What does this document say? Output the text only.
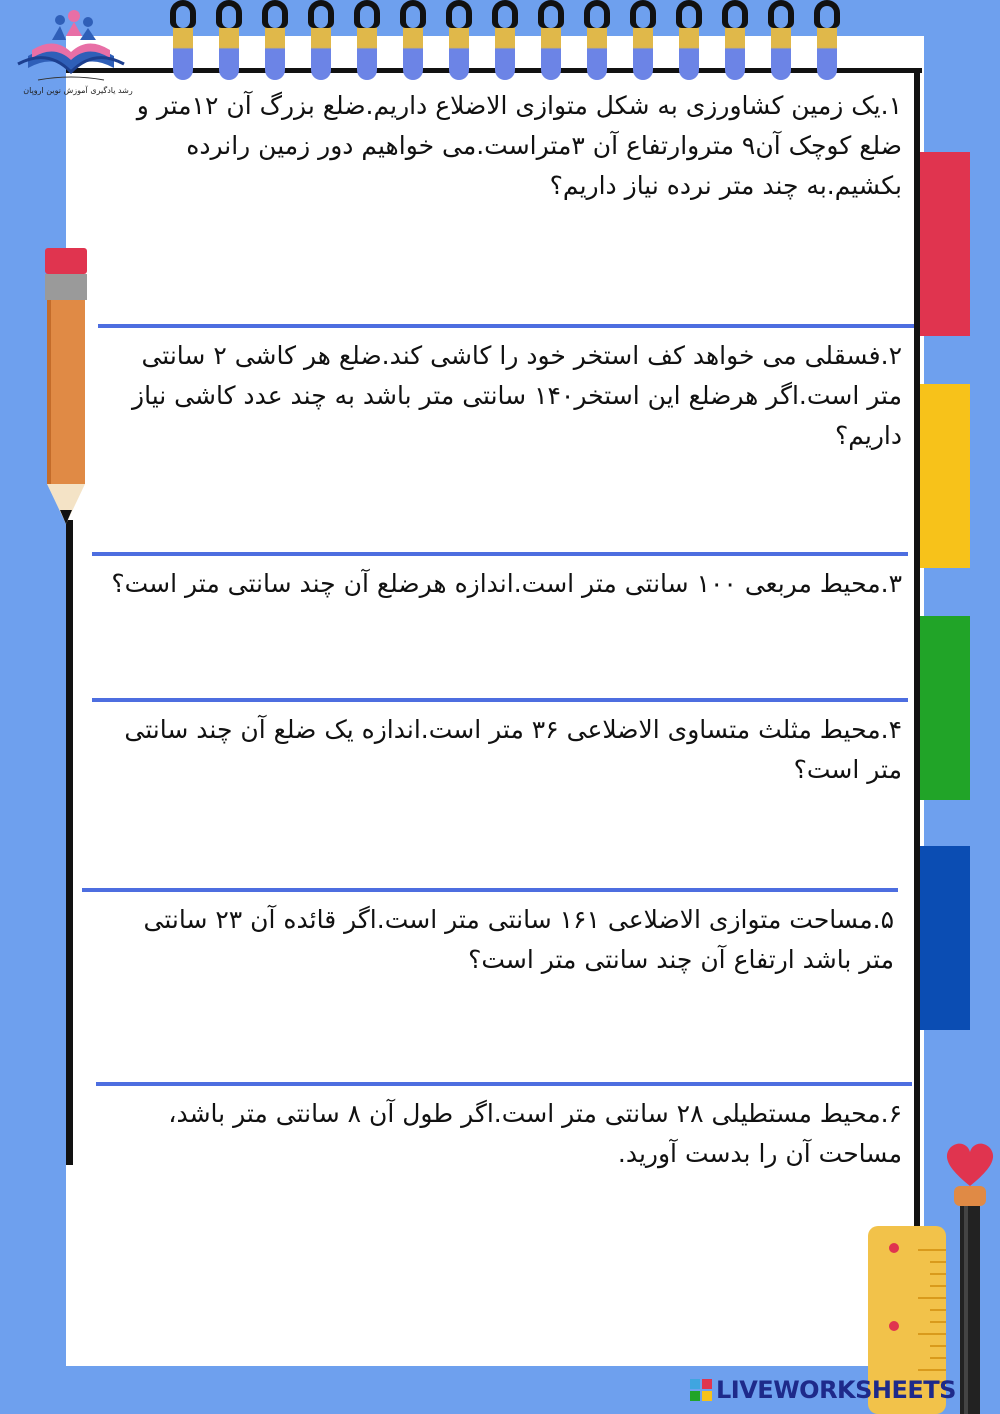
رشد یادگیری آموزش نوین اروپان

۱.یک زمین کشاورزی به شکل متوازی الاضلاع داریم.ضلع بزرگ آن ۱۲متر و ضلع کوچک آن۹ متروارتفاع آن ۳متراست.می خواهیم دور زمین رانرده بکشیم.به چند متر نرده نیاز داریم؟

۲.فسقلی می خواهد کف استخر خود را کاشی کند.ضلع هر کاشی ۲ سانتی متر است.اگر هرضلع این استخر۱۴۰ سانتی متر باشد به چند عدد کاشی نیاز داریم؟

۳.محیط مربعی ۱۰۰ سانتی متر است.اندازه هرضلع آن چند سانتی متر است؟

۴.محیط مثلث متساوی الاضلاعی ۳۶ متر است.اندازه یک ضلع آن چند سانتی متر است؟

۵.مساحت متوازی الاضلاعی ۱۶۱ سانتی متر است.اگر قائده آن ۲۳ سانتی متر باشد ارتفاع آن چند سانتی متر است؟

۶.محیط مستطیلی ۲۸ سانتی متر است.اگر طول آن ۸ سانتی متر باشد، مساحت آن را بدست آورید.

LIVEWORKSHEETS
